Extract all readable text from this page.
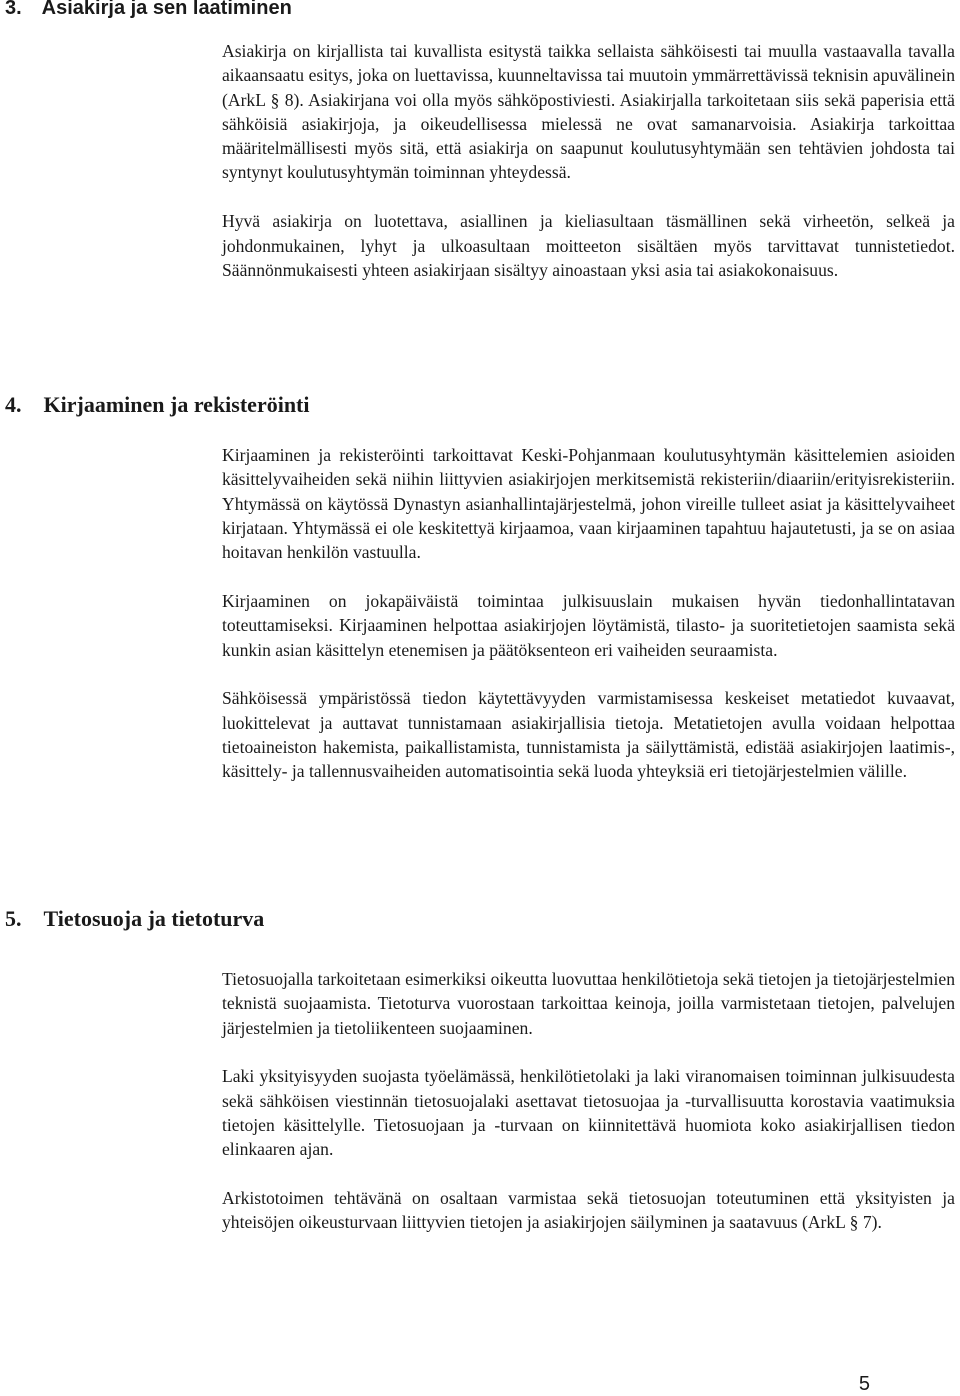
3. Asiakirja ja sen laatiminen

Asiakirja on kirjallista tai kuvallista esitystä taikka sellaista sähköisesti tai muulla vastaavalla tavalla aikaansaatu esitys, joka on luettavissa, kuunneltavissa tai muutoin ymmärrettävissä teknisin apuvälinein (ArkL § 8). Asiakirjana voi olla myös sähköpostiviesti. Asiakirjalla tarkoitetaan siis sekä paperisia että sähköisiä asiakirjoja, ja oikeudellisessa mielessä ne ovat samanarvoisia. Asiakirja tarkoittaa määritelmällisesti myös sitä, että asiakirja on saapunut koulutusyhtymään sen tehtävien johdosta tai syntynyt koulutusyhtymän toiminnan yhteydessä.

Hyvä asiakirja on luotettava, asiallinen ja kieliasultaan täsmällinen sekä virheetön, selkeä ja johdonmukainen, lyhyt ja ulkoasultaan moitteeton sisältäen myös tarvittavat tunnistetiedot. Säännönmukaisesti yhteen asiakirjaan sisältyy ainoastaan yksi asia tai asiakokonaisuus.

4. Kirjaaminen ja rekisteröinti

Kirjaaminen ja rekisteröinti tarkoittavat Keski-Pohjanmaan koulutusyhtymän käsittelemien asioiden käsittelyvaiheiden sekä niihin liittyvien asiakirjojen merkitsemistä rekisteriin/diaariin/erityisrekisteriin. Yhtymässä on käytössä Dynastyn asianhallintajärjestelmä, johon vireille tulleet asiat ja käsittelyvaiheet kirjataan. Yhtymässä ei ole keskitettyä kirjaamoa, vaan kirjaaminen tapahtuu hajautetusti, ja se on asiaa hoitavan henkilön vastuulla.

Kirjaaminen on jokapäiväistä toimintaa julkisuuslain mukaisen hyvän tiedonhallintatavan toteuttamiseksi. Kirjaaminen helpottaa asiakirjojen löytämistä, tilasto- ja suoritetietojen saamista sekä kunkin asian käsittelyn etenemisen ja päätöksenteon eri vaiheiden seuraamista.

Sähköisessä ympäristössä tiedon käytettävyyden varmistamisessa keskeiset metatiedot kuvaavat, luokittelevat ja auttavat tunnistamaan asiakirjallisia tietoja. Metatietojen avulla voidaan helpottaa tietoaineiston hakemista, paikallistamista, tunnistamista ja säilyttämistä, edistää asiakirjojen laatimis-, käsittely- ja tallennusvaiheiden automatisointia sekä luoda yhteyksiä eri tietojärjestelmien välille.

5. Tietosuoja ja tietoturva

Tietosuojalla tarkoitetaan esimerkiksi oikeutta luovuttaa henkilötietoja sekä tietojen ja tietojärjestelmien teknistä suojaamista. Tietoturva vuorostaan tarkoittaa keinoja, joilla varmistetaan tietojen, palvelujen järjestelmien ja tietoliikenteen suojaaminen.

Laki yksityisyyden suojasta työelämässä, henkilötietolaki ja laki viranomaisen toiminnan julkisuudesta sekä sähköisen viestinnän tietosuojalaki asettavat tietosuojaa ja -turvallisuutta korostavia vaatimuksia tietojen käsittelylle. Tietosuojaan ja -turvaan on kiinnitettävä huomiota koko asiakirjallisen tiedon elinkaaren ajan.

Arkistotoimen tehtävänä on osaltaan varmistaa sekä tietosuojan toteutuminen että yksityisten ja yhteisöjen oikeusturvaan liittyvien tietojen ja asiakirjojen säilyminen ja saatavuus (ArkL § 7).

5
